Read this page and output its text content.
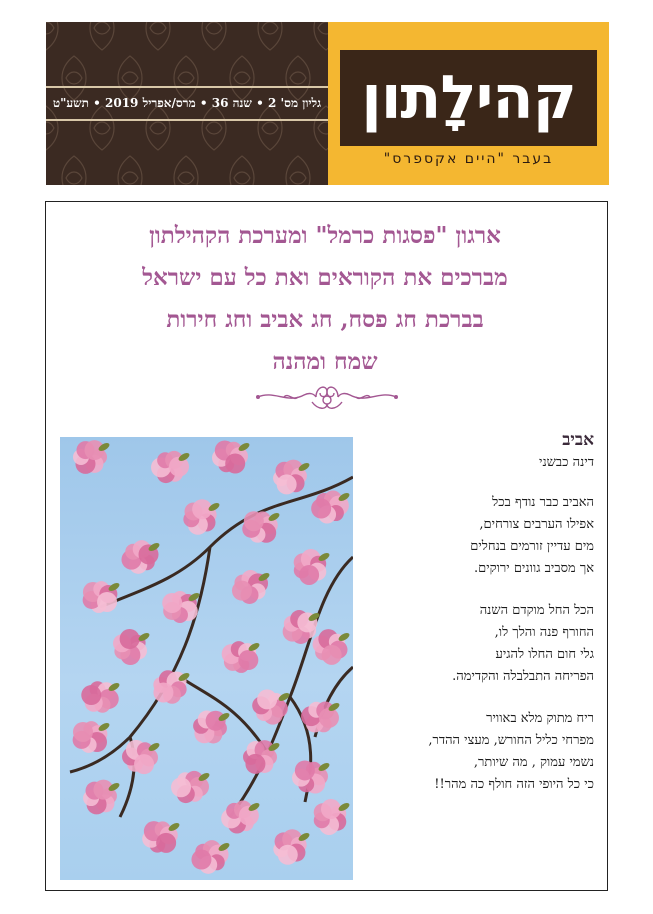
גליון מס' 2 • שנה 36 • מרס/אפריל 2019 • תשע"ט קהילָתון
בעבר "היים אקספרס"
ארגון "פסגות כרמל" ומערכת הקהילתון
מברכים את הקוראים ואת כל עם ישראל
בברכת חג פסח, חג אביב וחג חירות
שמח ומהנה
אביב
דינה כבשני
האביב כבר נודף בכל
אפילו הערבים צורחים,
מים עדיין זורמים בנחלים
אך מסביב גוונים ירוקים.
הכל החל מוקדם השנה
החורף פנה והלך לו,
גלי חום החלו להגיע
הפריחה התבלבלה והקדימה.
ריח מתוק מלא באוויר
מפרחי כליל החורש, מעצי ההדר,
נשמי עמוק , מה שיותר,
כי כל היופי הזה חולף כה מהר!!
